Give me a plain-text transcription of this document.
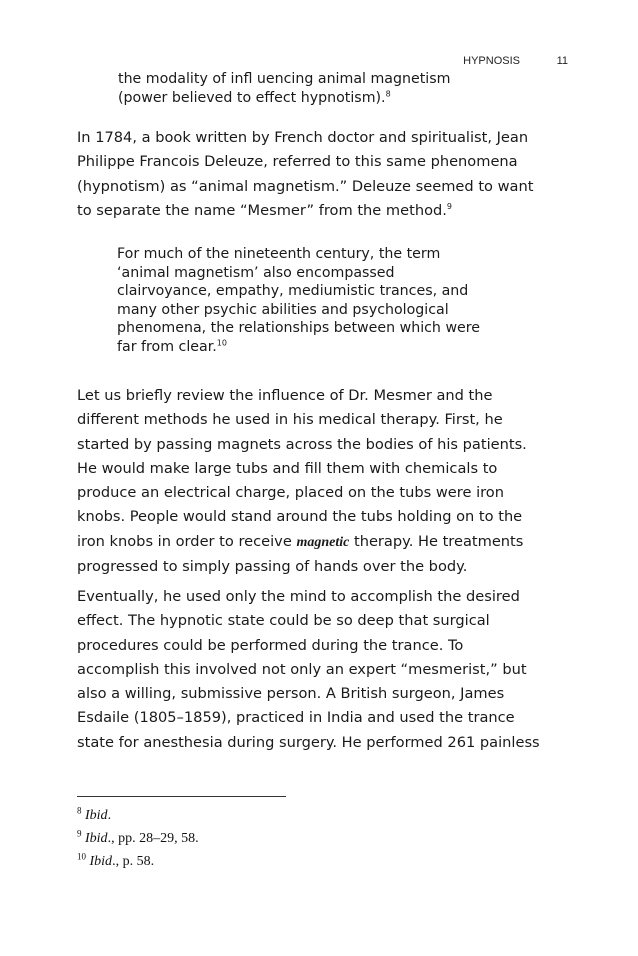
HYPNOSIS	11
the modality of infl uencing animal magnetism
(power believed to effect hypnotism).$^8$
In 1784, a book written by French doctor and spiritualist, Jean
Philippe Francois Deleuze, referred to this same phenomena
(hypnotism) as “animal magnetism.” Deleuze seemed to want
to separate the name “Mesmer” from the method.$^9$
For much of the nineteenth century, the term
‘animal magnetism’ also encompassed
clairvoyance, empathy, mediumistic trances, and
many other psychic abilities and psychological
phenomena, the relationships between which were
far from clear.$^{10}$
Let us briefly review the influence of Dr. Mesmer and the
different methods he used in his medical therapy. First, he
started by passing magnets across the bodies of his patients.
He would make large tubs and fill them with chemicals to
produce an electrical charge, placed on the tubs were iron
knobs. People would stand around the tubs holding on to the
iron knobs in order to receive magnetic therapy. He treatments
progressed to simply passing of hands over the body.
Eventually, he used only the mind to accomplish the desired
effect. The hypnotic state could be so deep that surgical
procedures could be performed during the trance. To
accomplish this involved not only an expert “mesmerist,” but
also a willing, submissive person. A British surgeon, James
Esdaile (1805–1859), practiced in India and used the trance
state for anesthesia during surgery. He performed 261 painless
$^8$ Ibid.
$^9$ Ibid., pp. 28–29, 58.
$^{10}$ Ibid., p. 58.
